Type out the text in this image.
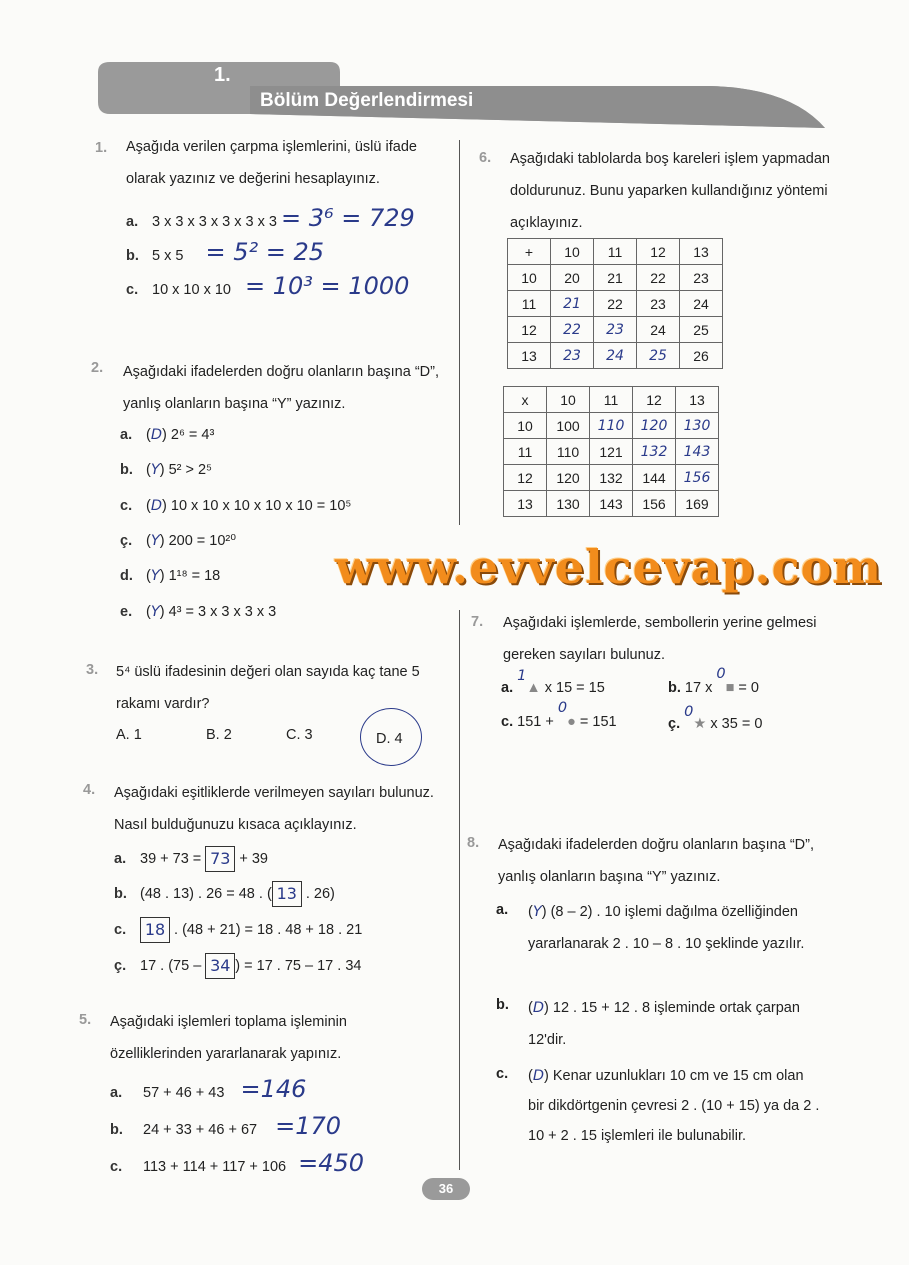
1.
Bölüm Değerlendirmesi
1. Aşağıda verilen çarpma işlemlerini, üslü ifade olarak yazınız ve değerini hesaplayınız.
a. 3 x 3 x 3 x 3 x 3 x 3 = 3⁶ = 729
b. 5 x 5 = 5² = 25
c. 10 x 10 x 10 = 10³ = 1000
2. Aşağıdaki ifadelerden doğru olanların başına “D”, yanlış olanların başına “Y” yazınız.
a. (D) 2⁶ = 4³
b. (Y) 5² > 2⁵
c. (D) 10 x 10 x 10 x 10 x 10 = 10⁵
ç. (Y) 200 = 10²⁰
d. (Y) 1¹⁸ = 18
e. (Y) 4³ = 3 x 3 x 3 x 3
3. 5⁴ üslü ifadesinin değeri olan sayıda kaç tane 5 rakamı vardır?
A. 1	B. 2	C. 3	D. 4
4. Aşağıdaki eşitliklerde verilmeyen sayıları bulunuz. Nasıl bulduğunuzu kısaca açıklayınız.
a. 39 + 73 = 73 + 39
b. (48 . 13) . 26 = 48 . ( 13 . 26)
c. 18 . (48 + 21) = 18 . 48 + 18 . 21
ç. 17 . (75 – 34 ) = 17 . 75 – 17 . 34
5. Aşağıdaki işlemleri toplama işleminin özelliklerinden yararlanarak yapınız.
a. 57 + 46 + 43 =146
b. 24 + 33 + 46 + 67 =170
c. 113 + 114 + 117 + 106 =450
6. Aşağıdaki tablolarda boş kareleri işlem yapmadan doldurunuz. Bunu yaparken kullandığınız yöntemi açıklayınız.
+	10	11	12	13
10	20	21	22	23
11	21	22	23	24
12	22	23	24	25
13	23	24	25	26
x	10	11	12	13
10	100	110	120	130
11	110	121	132	143
12	120	132	144	156
13	130	143	156	169
www.evvelcevap.com
7. Aşağıdaki işlemlerde, sembollerin yerine gelmesi gereken sayıları bulunuz.
a. 1▲ x 15 = 15	b. 17 x 0■ = 0
c. 151 + 0● = 151	ç. 0★ x 35 = 0
8. Aşağıdaki ifadelerden doğru olanların başına “D”, yanlış olanların başına “Y” yazınız.
a.	(Y) (8 – 2) . 10 işlemi dağılma özelliğinden yararlanarak 2 . 10 – 8 . 10 şeklinde yazılır.
b.	(D) 12 . 15 + 12 . 8 işleminde ortak çarpan 12'dir.
c.	(D) Kenar uzunlukları 10 cm ve 15 cm olan bir dikdörtgenin çevresi 2 . (10 + 15) ya da 2 . 10 + 2 . 15 işlemleri ile bulunabilir.
36
